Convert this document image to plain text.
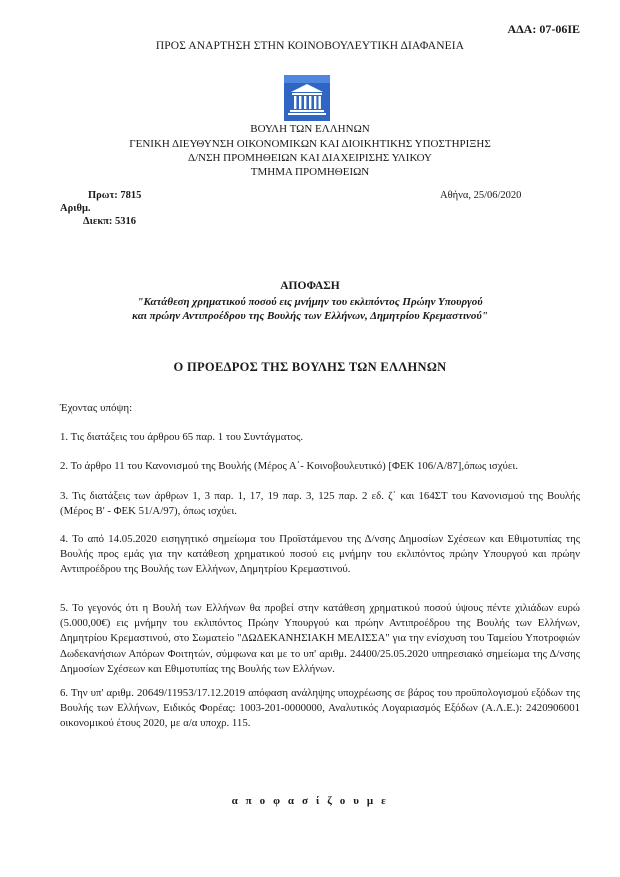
ΑΔΑ: 07-06ΙΕ
ΠΡΟΣ ΑΝΑΡΤΗΣΗ ΣΤΗΝ ΚΟΙΝΟΒΟΥΛΕΥΤΙΚΗ ΔΙΑΦΑΝΕΙΑ
ΒΟΥΛΗ ΤΩΝ ΕΛΛΗΝΩΝ
ΓΕΝΙΚΗ ΔΙΕΥΘΥΝΣΗ ΟΙΚΟΝΟΜΙΚΩΝ ΚΑΙ ΔΙΟΙΚΗΤΙΚΗΣ ΥΠΟΣΤΗΡΙΞΗΣ
Δ/ΝΣΗ ΠΡΟΜΗΘΕΙΩΝ ΚΑΙ ΔΙΑΧΕΙΡΙΣΗΣ ΥΛΙΚΟΥ
ΤΜΗΜΑ ΠΡΟΜΗΘΕΙΩΝ
Πρωτ: 7815
Αριθμ.
Διεκπ: 5316
Αθήνα, 25/06/2020
ΑΠΟΦΑΣΗ
"Κατάθεση χρηματικού ποσού εις μνήμην του εκλιπόντος Πρώην Υπουργού
και πρώην Αντιπροέδρου της Βουλής των Ελλήνων, Δημητρίου Κρεμαστινού"
Ο ΠΡΟΕΔΡΟΣ ΤΗΣ ΒΟΥΛΗΣ ΤΩΝ ΕΛΛΗΝΩΝ
Έχοντας υπόψη:
1. Τις διατάξεις του άρθρου 65 παρ. 1 του Συντάγματος.
2. Το άρθρο 11 του Κανονισμού της Βουλής (Μέρος Α΄- Κοινοβουλευτικό) [ΦΕΚ 106/Α/87],όπως ισχύει.
3. Τις διατάξεις των άρθρων 1, 3 παρ. 1, 17, 19 παρ. 3, 125 παρ. 2 εδ. ζ΄ και 164ΣΤ του Κανονισμού της Βουλής (Μέρος Β' - ΦΕΚ 51/Α/97), όπως ισχύει.
4. Το από 14.05.2020 εισηγητικό σημείωμα του Προϊστάμενου της Δ/νσης Δημοσίων Σχέσεων και Εθιμοτυπίας της Βουλής προς εμάς για την κατάθεση χρηματικού ποσού εις μνήμην του εκλιπόντος πρώην Υπουργού και πρώην Αντιπροέδρου της Βουλής των Ελλήνων, Δημητρίου Κρεμαστινού.
5. Το γεγονός ότι η Βουλή των Ελλήνων θα προβεί στην κατάθεση χρηματικού ποσού ύψους πέντε χιλιάδων ευρώ (5.000,00€) εις μνήμην του εκλιπόντος Πρώην Υπουργού και πρώην Αντιπροέδρου της Βουλής των Ελλήνων, Δημητρίου Κρεμαστινού, στο Σωματείο "ΔΩΔΕΚΑΝΗΣΙΑΚΗ ΜΕΛΙΣΣΑ" για την ενίσχυση του Ταμείου Υποτροφιών Δωδεκανήσιων Απόρων Φοιτητών, σύμφωνα και με το υπ' αριθμ. 24400/25.05.2020 υπηρεσιακό σημείωμα της Δ/νσης Δημοσίων Σχέσεων και Εθιμοτυπίας της Βουλής των Ελλήνων.
6. Την υπ' αριθμ. 20649/11953/17.12.2019 απόφαση ανάληψης υποχρέωσης σε βάρος του προϋπολογισμού εξόδων της Βουλής των Ελλήνων, Ειδικός Φορέας: 1003-201-0000000, Αναλυτικός Λογαριασμός Εξόδων (Α.Λ.Ε.): 2420906001 οικονομικού έτους 2020, με α/α υποχρ. 115.
α π ο φ α σ ί ζ ο υ μ ε
